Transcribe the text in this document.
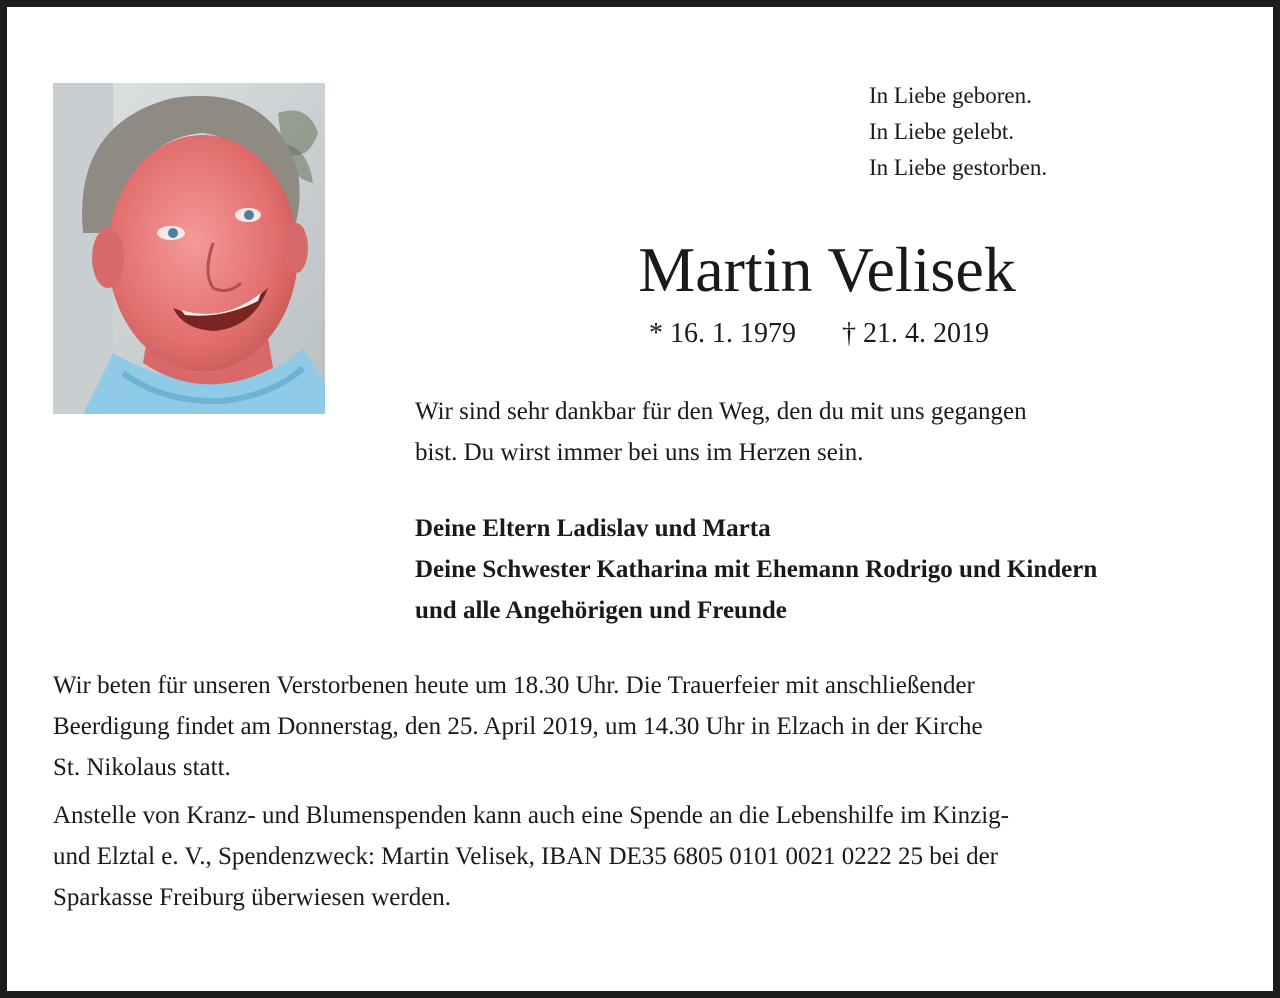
In Liebe geboren.
In Liebe gelebt.
In Liebe gestorben.
Martin Velisek
* 16. 1. 1979 † 21. 4. 2019
Wir sind sehr dankbar für den Weg, den du mit uns gegangen
bist. Du wirst immer bei uns im Herzen sein.
Deine Eltern Ladislav und Marta
Deine Schwester Katharina mit Ehemann Rodrigo und Kindern
und alle Angehörigen und Freunde
Wir beten für unseren Verstorbenen heute um 18.30 Uhr. Die Trauerfeier mit anschließender
Beerdigung findet am Donnerstag, den 25. April 2019, um 14.30 Uhr in Elzach in der Kirche
St. Nikolaus statt.
Anstelle von Kranz- und Blumenspenden kann auch eine Spende an die Lebenshilfe im Kinzig-
und Elztal e. V., Spendenzweck: Martin Velisek, IBAN DE35 6805 0101 0021 0222 25 bei der
Sparkasse Freiburg überwiesen werden.
